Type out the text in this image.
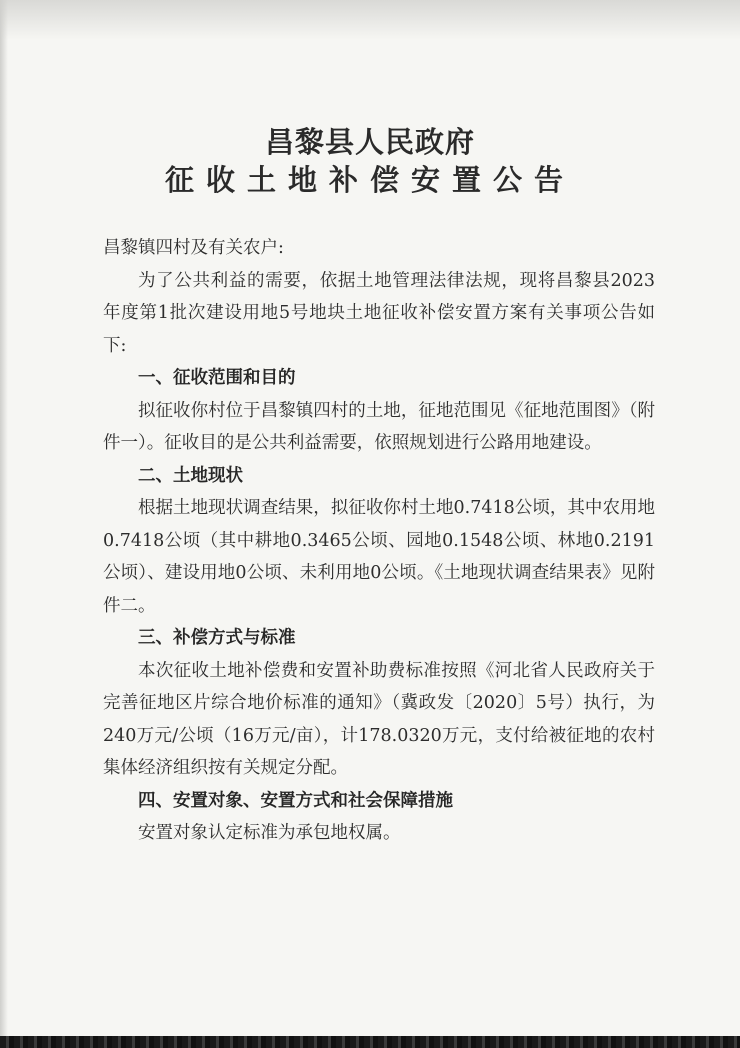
昌黎县人民政府
征收土地补偿安置公告

昌黎镇四村及有关农户:

为了公共利益的需要，依据土地管理法律法规，现将昌黎县2023年度第1批次建设用地5号地块土地征收补偿安置方案有关事项公告如下:

一、征收范围和目的

拟征收你村位于昌黎镇四村的土地，征地范围见《征地范围图》（附件一）。征收目的是公共利益需要，依照规划进行公路用地建设。

二、土地现状

根据土地现状调查结果，拟征收你村土地0.7418公顷，其中农用地0.7418公顷（其中耕地0.3465公顷、园地0.1548公顷、林地0.2191公顷）、建设用地0公顷、未利用地0公顷。《土地现状调查结果表》见附件二。

三、补偿方式与标准

本次征收土地补偿费和安置补助费标准按照《河北省人民政府关于完善征地区片综合地价标准的通知》（冀政发〔2020〕5号）执行，为240万元/公顷（16万元/亩），计178.0320万元，支付给被征地的农村集体经济组织按有关规定分配。

四、安置对象、安置方式和社会保障措施

安置对象认定标准为承包地权属。
